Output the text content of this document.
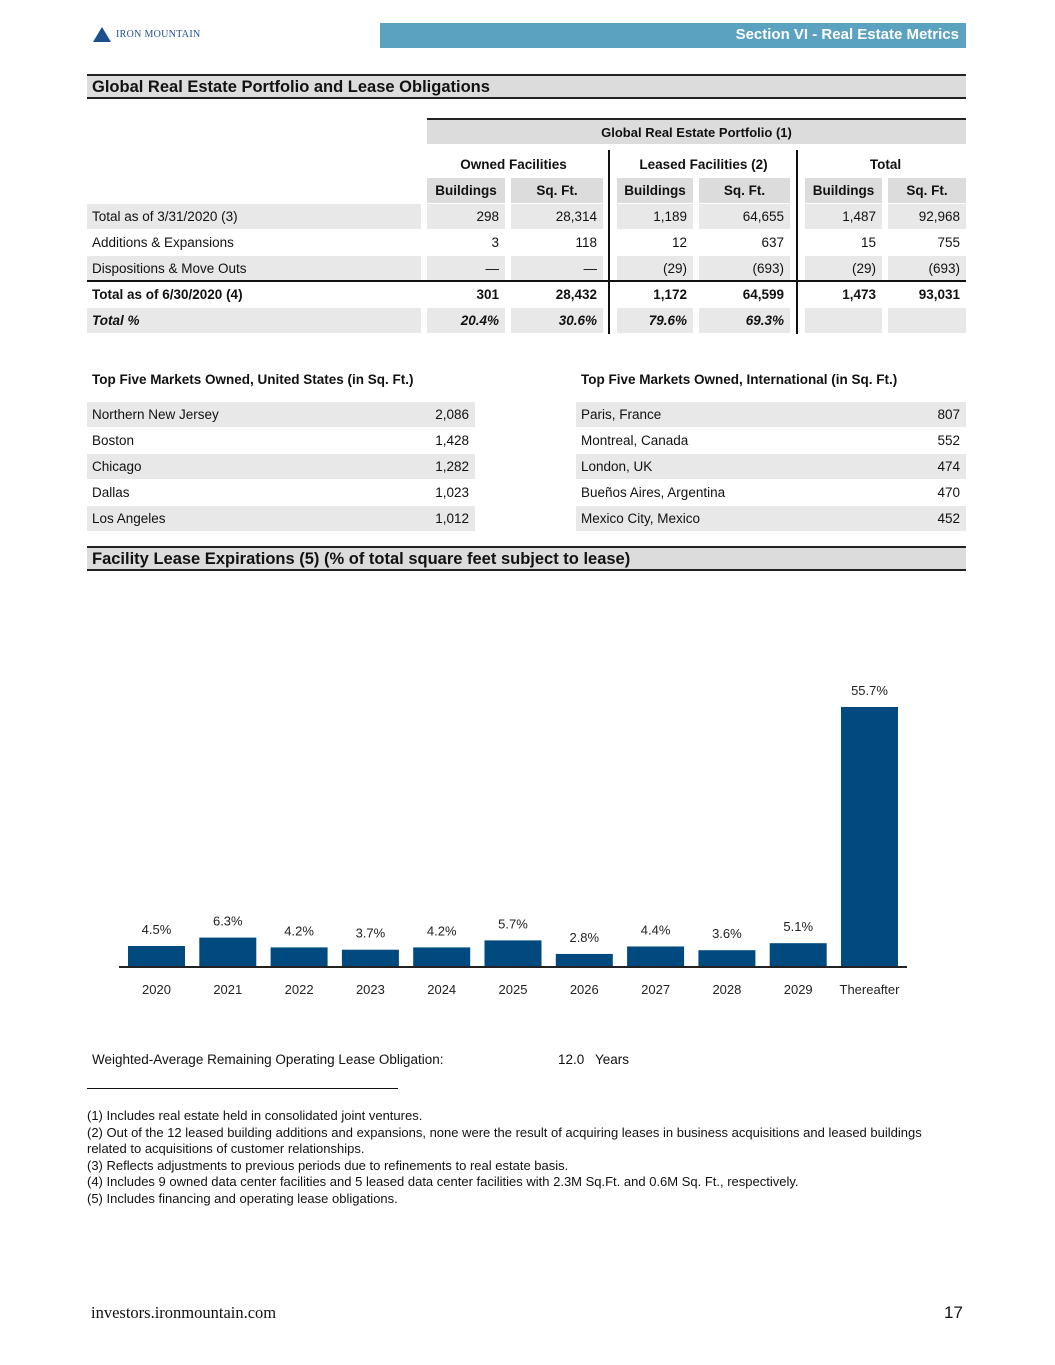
IRON MOUNTAIN	Section VI - Real Estate Metrics
Global Real Estate Portfolio and Lease Obligations
Global Real Estate Portfolio (1)
Owned Facilities	Leased Facilities (2)	Total
Buildings	Sq. Ft.	Buildings	Sq. Ft.	Buildings	Sq. Ft.
Total as of 3/31/2020 (3)	298	28,314	1,189	64,655	1,487	92,968
Additions & Expansions	3	118	12	637	15	755
Dispositions & Move Outs	—	—	(29)	(693)	(29)	(693)
Total as of 6/30/2020 (4)	301	28,432	1,172	64,599	1,473	93,031
Total %	20.4%	30.6%	79.6%	69.3%
Top Five Markets Owned, United States (in Sq. Ft.)
Northern New Jersey	2,086
Boston	1,428
Chicago	1,282
Dallas	1,023
Los Angeles	1,012
Top Five Markets Owned, International (in Sq. Ft.)
Paris, France	807
Montreal, Canada	552
London, UK	474
Bueños Aires, Argentina	470
Mexico City, Mexico	452
Facility Lease Expirations (5) (% of total square feet subject to lease)
4.5%
2020
6.3%
2021
4.2%
2022
3.7%
2023
4.2%
2024
5.7%
2025
2.8%
2026
4.4%
2027
3.6%
2028
5.1%
2029
55.7%
Thereafter
Weighted-Average Remaining Operating Lease Obligation:	12.0 Years
(1) Includes real estate held in consolidated joint ventures.
(2) Out of the 12 leased building additions and expansions, none were the result of acquiring leases in business acquisitions and leased buildings related to acquisitions of customer relationships.
(3) Reflects adjustments to previous periods due to refinements to real estate basis.
(4) Includes 9 owned data center facilities and 5 leased data center facilities with 2.3M Sq.Ft. and 0.6M Sq. Ft., respectively.
(5) Includes financing and operating lease obligations.
investors.ironmountain.com	17
